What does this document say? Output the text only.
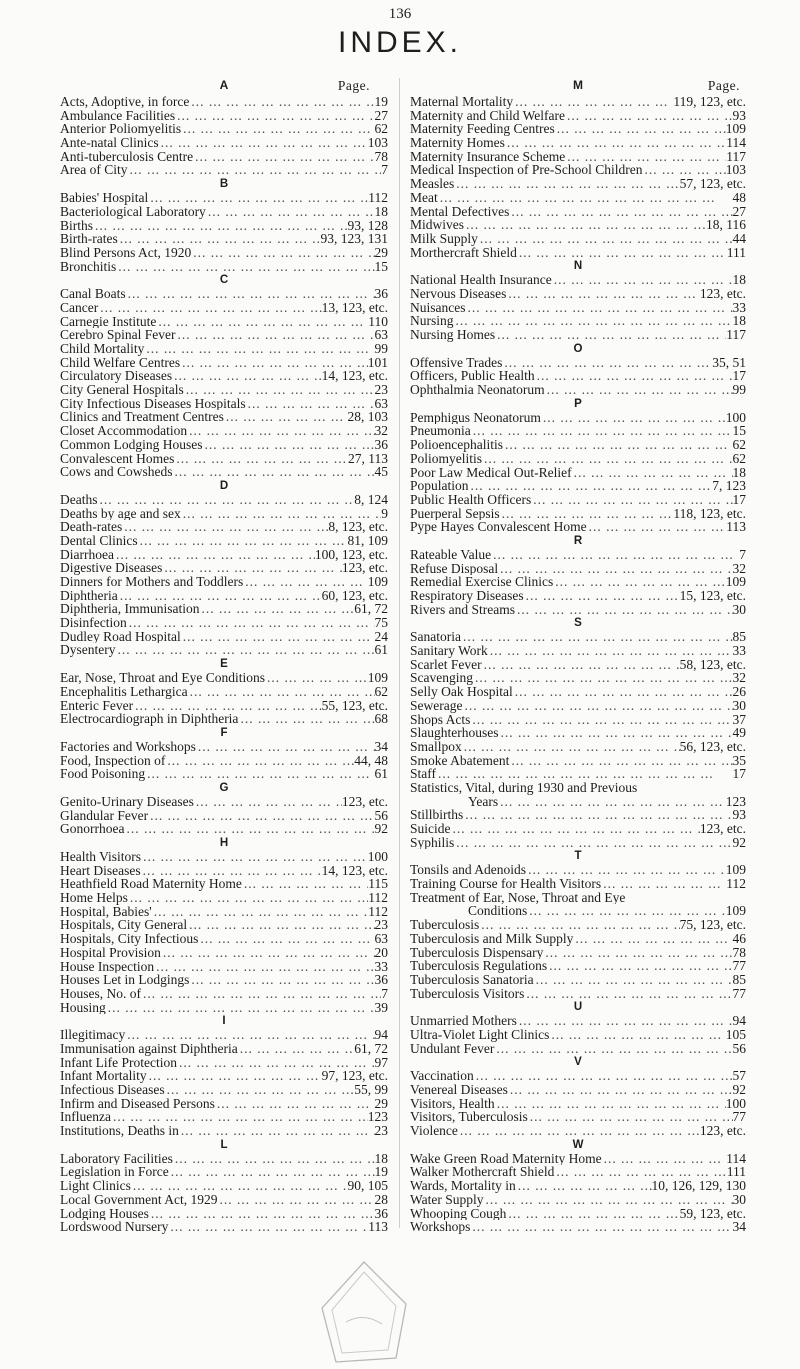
136
INDEX.
A	Page.
Acts, Adoptive, in force ... .	19
Ambulance Facilities ... .	27
Anterior Poliomyelitis ... .	62
Ante-natal Clinics ... .	103
Anti-tuberculosis Centre ... .	78
Area of City ... .	7
B
Babies' Hospital ... .	112
Bacteriological Laboratory ... .	18
Births ... .	93, 128
Birth-rates ... .	93, 123, 131
Blind Persons Act, 1920 ... .	29
Bronchitis ... .	15
C
Canal Boats ... .	36
Cancer ... .	13, 123, etc.
Carnegie Institute ... .	110
Cerebro Spinal Fever ... .	63
Child Mortality ... .	99
Child Welfare Centres ... .	101
Circulatory Diseases ... .	14, 123, etc.
City General Hospitals ... .	23
City Infectious Diseases Hospitals ... .	63
Clinics and Treatment Centres ... .	28, 103
Closet Accommodation ... .	32
Common Lodging Houses ... .	36
Convalescent Homes ... .	27, 113
Cows and Cowsheds ... .	45
D
Deaths ... .	8, 124
Deaths by age and sex ... .	9
Death-rates ... .	8, 123, etc.
Dental Clinics ... .	81, 109
Diarrhoea ... .	100, 123, etc.
Digestive Diseases ... .	123, etc.
Dinners for Mothers and Toddlers ... .	109
Diphtheria ... .	60, 123, etc.
Diphtheria, Immunisation ... .	61, 72
Disinfection ... .	75
Dudley Road Hospital ... .	24
Dysentery ... .	61
E
Ear, Nose, Throat and Eye Conditions ... .	109
Encephalitis Lethargica ... .	62
Enteric Fever ... .	55, 123, etc.
Electrocardiograph in Diphtheria ... .	68
F
Factories and Workshops ... .	34
Food, Inspection of ... .	44, 48
Food Poisoning ... .	61
G
Genito-Urinary Diseases ... .	123, etc.
Glandular Fever ... .	56
Gonorrhoea ... .	92
H
Health Visitors ... .	100
Heart Diseases ... .	14, 123, etc.
Heathfield Road Maternity Home ... .	115
Home Helps ... .	112
Hospital, Babies' ... .	112
Hospitals, City General ... .	23
Hospitals, City Infectious ... .	63
Hospital Provision ... .	20
House Inspection ... .	33
Houses Let in Lodgings ... .	36
Houses, No. of ... .	7
Housing ... .	39
I
Illegitimacy ... .	94
Immunisation against Diphtheria ... .	61, 72
Infant Life Protection ... .	97
Infant Mortality ... .	97, 123, etc.
Infectious Diseases ... .	55, 99
Infirm and Diseased Persons ... .	29
Influenza ... .	123
Institutions, Deaths in ... .	23
L
Laboratory Facilities ... .	18
Legislation in Force ... .	19
Light Clinics ... .	90, 105
Local Government Act, 1929 ... .	28
Lodging Houses ... .	36
Lordswood Nursery ... .	113
M	Page.
Maternal Mortality ... .	119, 123, etc.
Maternity and Child Welfare ... .	93
Maternity Feeding Centres ... .	109
Maternity Homes ... .	114
Maternity Insurance Scheme ... .	117
Medical Inspection of Pre-School Children ... .	103
Measles ... .	57, 123, etc.
Meat ... .	48
Mental Defectives ... .	27
Midwives ... .	18, 116
Milk Supply ... .	44
Morthercraft Shield ... .	111
N
National Health Insurance ... .	18
Nervous Diseases ... .	123, etc.
Nuisances ... .	33
Nursing ... .	18
Nursing Homes ... .	117
O
Offensive Trades ... .	35, 51
Officers, Public Health ... .	17
Ophthalmia Neonatorum ... .	99
P
Pemphigus Neonatorum ... .	100
Pneumonia ... .	15
Polioencephalitis ... .	62
Poliomyelitis ... .	62
Poor Law Medical Out-Relief ... .	18
Population ... .	7, 123
Public Health Officers ... .	17
Puerperal Sepsis ... .	118, 123, etc.
Pype Hayes Convalescent Home ... .	113
R
Rateable Value ... .	7
Refuse Disposal ... .	32
Remedial Exercise Clinics ... .	109
Respiratory Diseases ... .	15, 123, etc.
Rivers and Streams ... .	30
S
Sanatoria ... .	85
Sanitary Work ... .	33
Scarlet Fever ... .	58, 123, etc.
Scavenging ... .	32
Selly Oak Hospital ... .	26
Sewerage ... .	30
Shops Acts ... .	37
Slaughterhouses ... .	49
Smallpox ... .	56, 123, etc.
Smoke Abatement ... .	35
Staff ... .	17
Statistics, Vital, during 1930 and Previous
Years ... .	123
Stillbirths ... .	93
Suicide ... .	123, etc.
Syphilis ... .	92
T
Tonsils and Adenoids ... .	109
Training Course for Health Visitors ... .	112
Treatment of Ear, Nose, Throat and Eye
Conditions ... .	109
Tuberculosis ... .	75, 123, etc.
Tuberculosis and Milk Supply ... .	46
Tuberculosis Dispensary ... .	78
Tuberculosis Regulations ... .	77
Tuberculosis Sanatoria ... .	85
Tuberculosis Visitors ... .	77
U
Unmarried Mothers ... .	94
Ultra-Violet Light Clinics ... .	105
Undulant Fever ... .	56
V
Vaccination ... .	57
Venereal Diseases ... .	92
Visitors, Health ... .	100
Visitors, Tuberculosis ... .	77
Violence ... .	123, etc.
W
Wake Green Road Maternity Home ... .	114
Walker Mothercraft Shield ... .	111
Wards, Mortality in ... .	10, 126, 129, 130
Water Supply ... .	30
Whooping Cough ... .	59, 123, etc.
Workshops ... .	34
